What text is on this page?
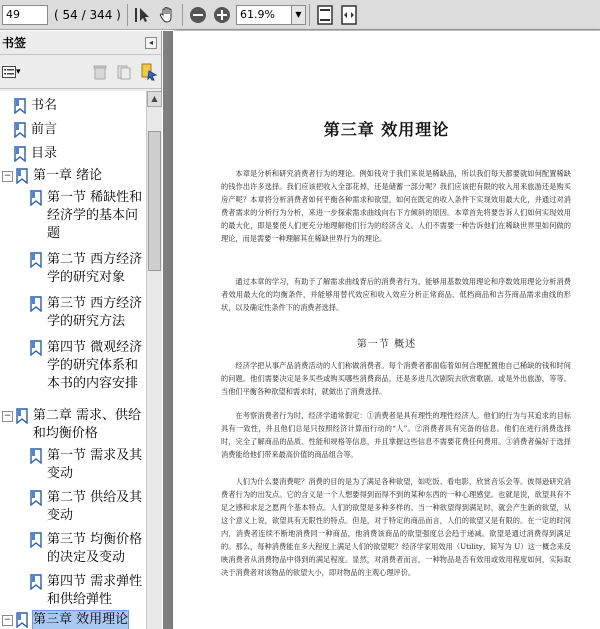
49	( 54 / 344 )	61.9%	▼
书签	◂
▾
书名
前言
目录
− 第一章 绪论
第一节 稀缺性和经济学的基本问题
第二节 西方经济学的研究对象
第三节 西方经济学的研究方法
第四节 微观经济学的研究体系和本书的内容安排
− 第二章 需求、供给和均衡价格
第一节 需求及其变动
第二节 供给及其变动
第三节 均衡价格的决定及变动
第四节 需求弹性和供给弹性
− 第三章 效用理论
▲
第三章 效用理论
本章是分析和研究消费者行为的理论。例如钱对于我们来说是稀缺品，所以我们每天都要就如何配置稀缺的钱作出许多选择。我们应该把收入全部花掉，还是储蓄一部分呢？我们应该把有限的收入用来旅游还是购买房产呢？本章将分析消费者如何平衡各种需求和欲望，如何在既定的收入条件下实现效用最大化，并通过对消费者需求的分析行为分析，来进一步探索需求曲线向右下方倾斜的原因。本章首先将要告诉人们如何实现效用的最大化，即是要使人们更充分地理解他们行为的经济含义。人们不需要一种告诉他们在稀缺世界里如何做的理论，而是需要一种理解其在稀缺世界行为的理论。
通过本章的学习，有助于了解需求曲线背后的消费者行为，能够用基数效用理论和序数效用理论分析消费者效用最大化的均衡条件，并能够用替代效应和收入效应分析正常商品、低档商品和吉芬商品需求曲线的形状，以及确定性条件下的消费者选择。
第一节 概述
经济学把从事产品消费活动的人们称做消费者。每个消费者都面临着如何合理配置他自己稀缺的钱和时间的问题。他们需要决定是多买些或购买哪些消费商品，还是多进几次剧院去欣赏歌剧，或是外出旅游，等等。当他们平衡各种欲望和需求时，就做出了消费选择。
在考察消费者行为时，经济学通常假定：①消费者是具有理性的理性经济人。他们的行为与其追求的目标具有一致性，并且他们总是只按照经济计算而行动的“人”。②消费者具有完备的信息。他们在进行消费选择时，完全了解商品的品质、性能和规格等信息，并且掌握这些信息不需要花费任何费用。③消费者偏好于选择消费能给他们带来最高价值的商品组合等。
人们为什么要消费呢？消费的目的是为了满足各种欲望，如吃饭、看电影、欣赏音乐会等。彼得逊研究消费者行为的出发点。它的含义是一个人想要得到而得不到的某种东西的一种心理感觉。也就是说，欲望具有不足之感和求足之愿两个基本特点。人们的欲望是多种多样的。当一种欲望得到满足时，就会产生新的欲望，从这个意义上说，欲望具有无限性的特点。但是，对于特定的商品而言，人们的欲望又是有限的。在一定的时间内，消费者连续不断地消费同一种商品，他消费该商品的欲望强度总会趋于递减。欲望是通过消费得到满足的。那么，每种消费能在多大程度上满足人们的欲望呢？经济学家用效用（Utility，简写为 U）这一概念来反映消费者从消费物品中得到的满足程度。显然，对消费者而言，一种物品是否有效用或效用程度如何，实际取决于消费者对该物品的欲望大小，即对物品的主观心理评价。
